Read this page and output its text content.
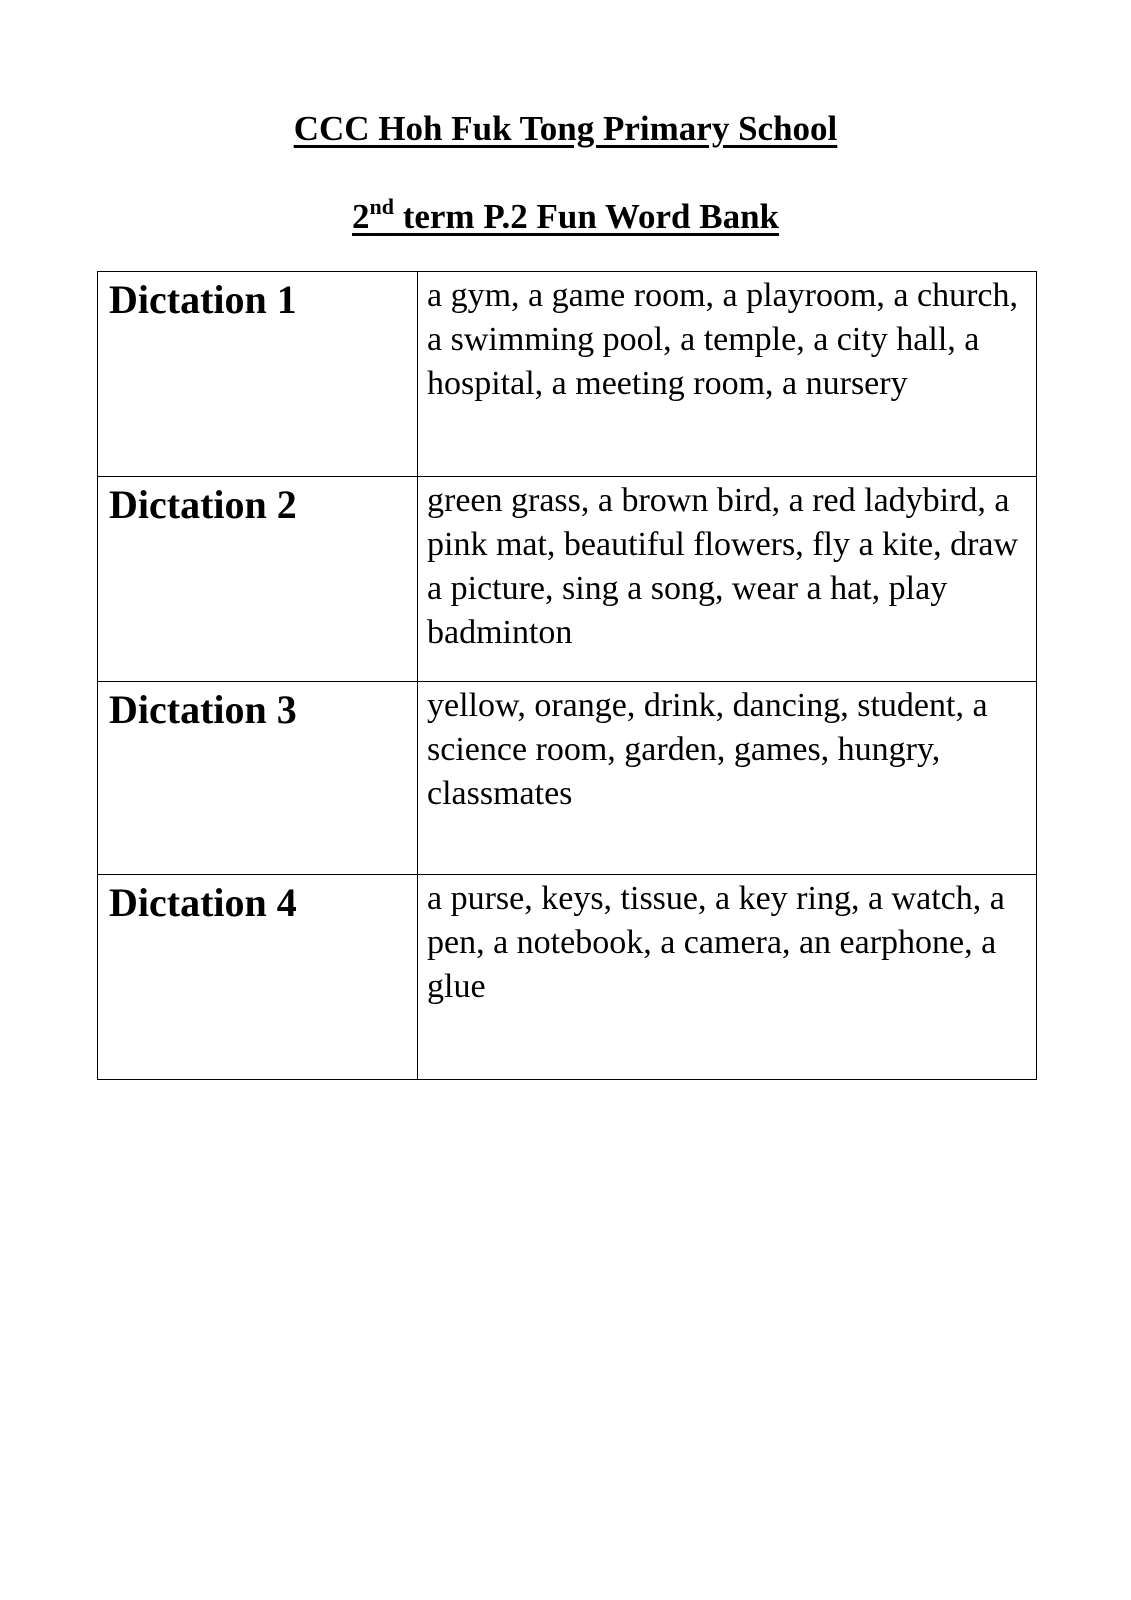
CCC Hoh Fuk Tong Primary School
2nd term P.2 Fun Word Bank
Dictation 1	a gym, a game room, a playroom, a church, a swimming pool, a temple, a city hall, a hospital, a meeting room, a nursery
Dictation 2	green grass, a brown bird, a red ladybird, a pink mat, beautiful flowers, fly a kite, draw a picture, sing a song, wear a hat, play badminton
Dictation 3	yellow, orange, drink, dancing, student, a science room, garden, games, hungry, classmates
Dictation 4	a purse, keys, tissue, a key ring, a watch, a pen, a notebook, a camera, an earphone, a glue
